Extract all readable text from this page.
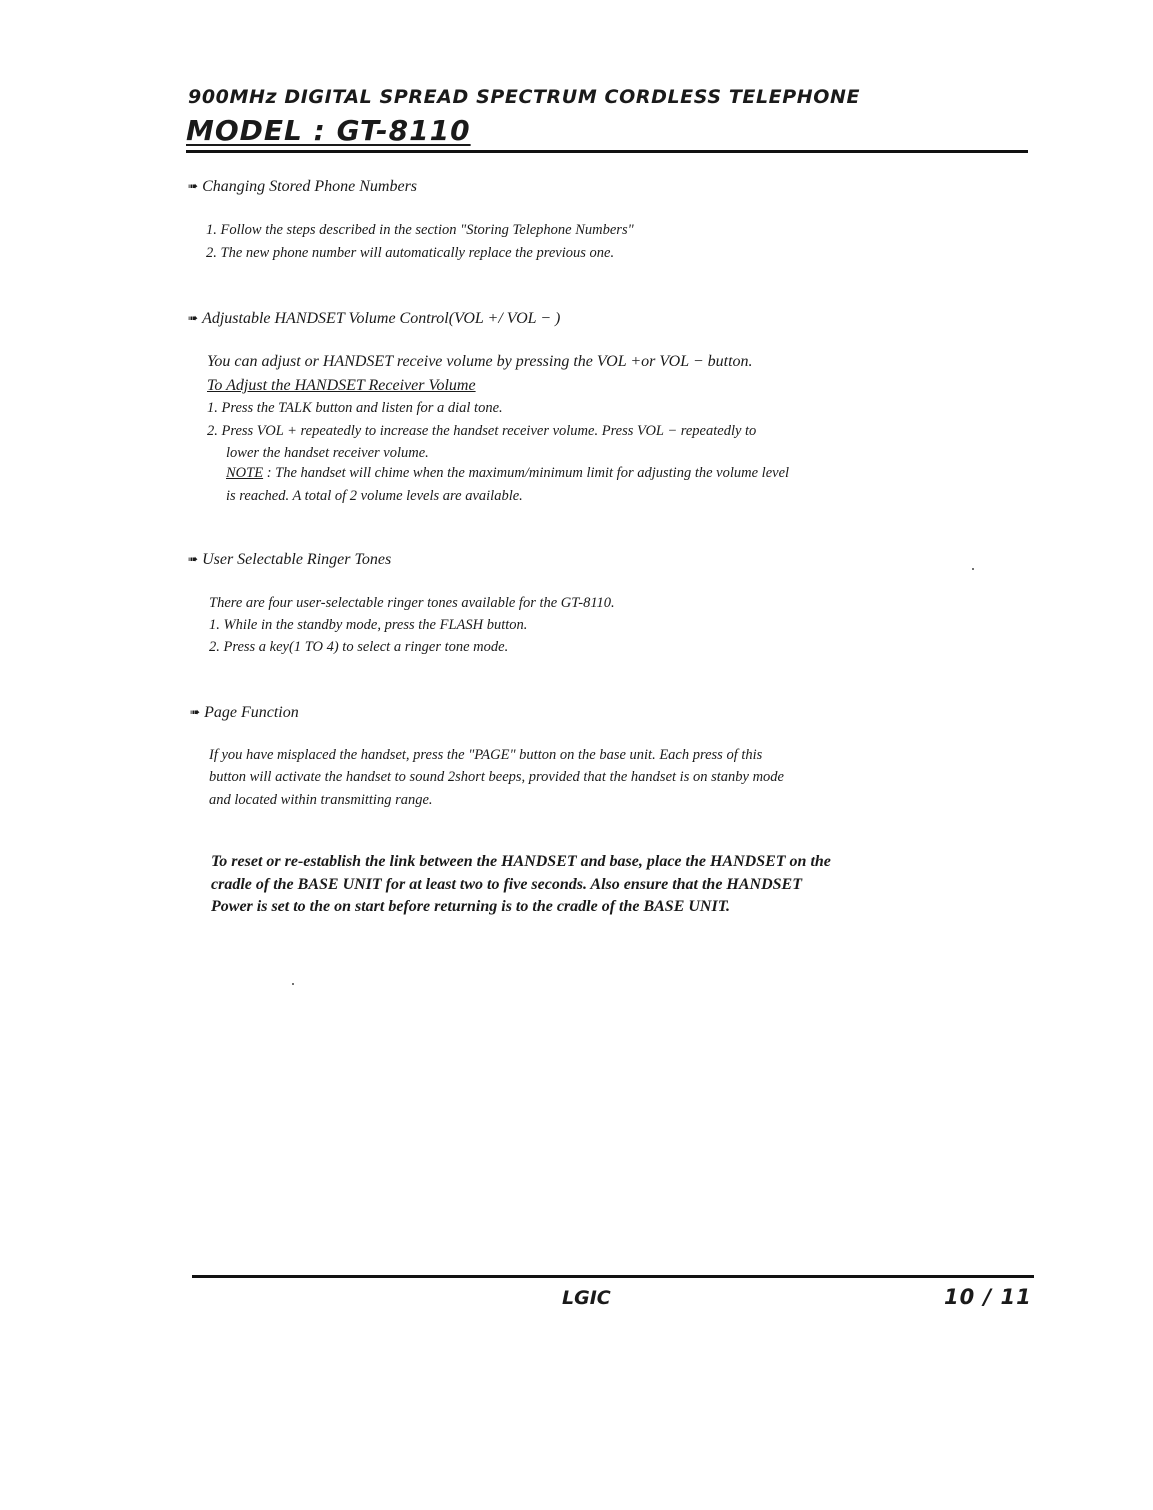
900MHz DIGITAL SPREAD SPECTRUM CORDLESS TELEPHONE
MODEL : GT-8110
➠ Changing Stored Phone Numbers
1. Follow the steps described in the section "Storing Telephone Numbers"
2. The new phone number will automatically replace the previous one.
➠ Adjustable HANDSET Volume Control(VOL +/ VOL − )
You can adjust or HANDSET receive volume by pressing the VOL +or VOL − button.
To Adjust the HANDSET Receiver Volume
1. Press the TALK button and listen for a dial tone.
2. Press VOL + repeatedly to increase the handset receiver volume. Press VOL − repeatedly to
lower the handset receiver volume.
NOTE : The handset will chime when the maximum/minimum limit for adjusting the volume level
is reached. A total of 2 volume levels are available.
➠ User Selectable Ringer Tones
There are four user-selectable ringer tones available for the GT-8110.
1. While in the standby mode, press the FLASH button.
2. Press a key(1 TO 4) to select a ringer tone mode.
➠ Page Function
If you have misplaced the handset, press the "PAGE" button on the base unit. Each press of this
button will activate the handset to sound 2short beeps, provided that the handset is on stanby mode
and located within transmitting range.
To reset or re-establish the link between the HANDSET and base, place the HANDSET on the
cradle of the BASE UNIT for at least two to five seconds. Also ensure that the HANDSET
Power is set to the on start before returning is to the cradle of the BASE UNIT.
LGIC	10 / 11
